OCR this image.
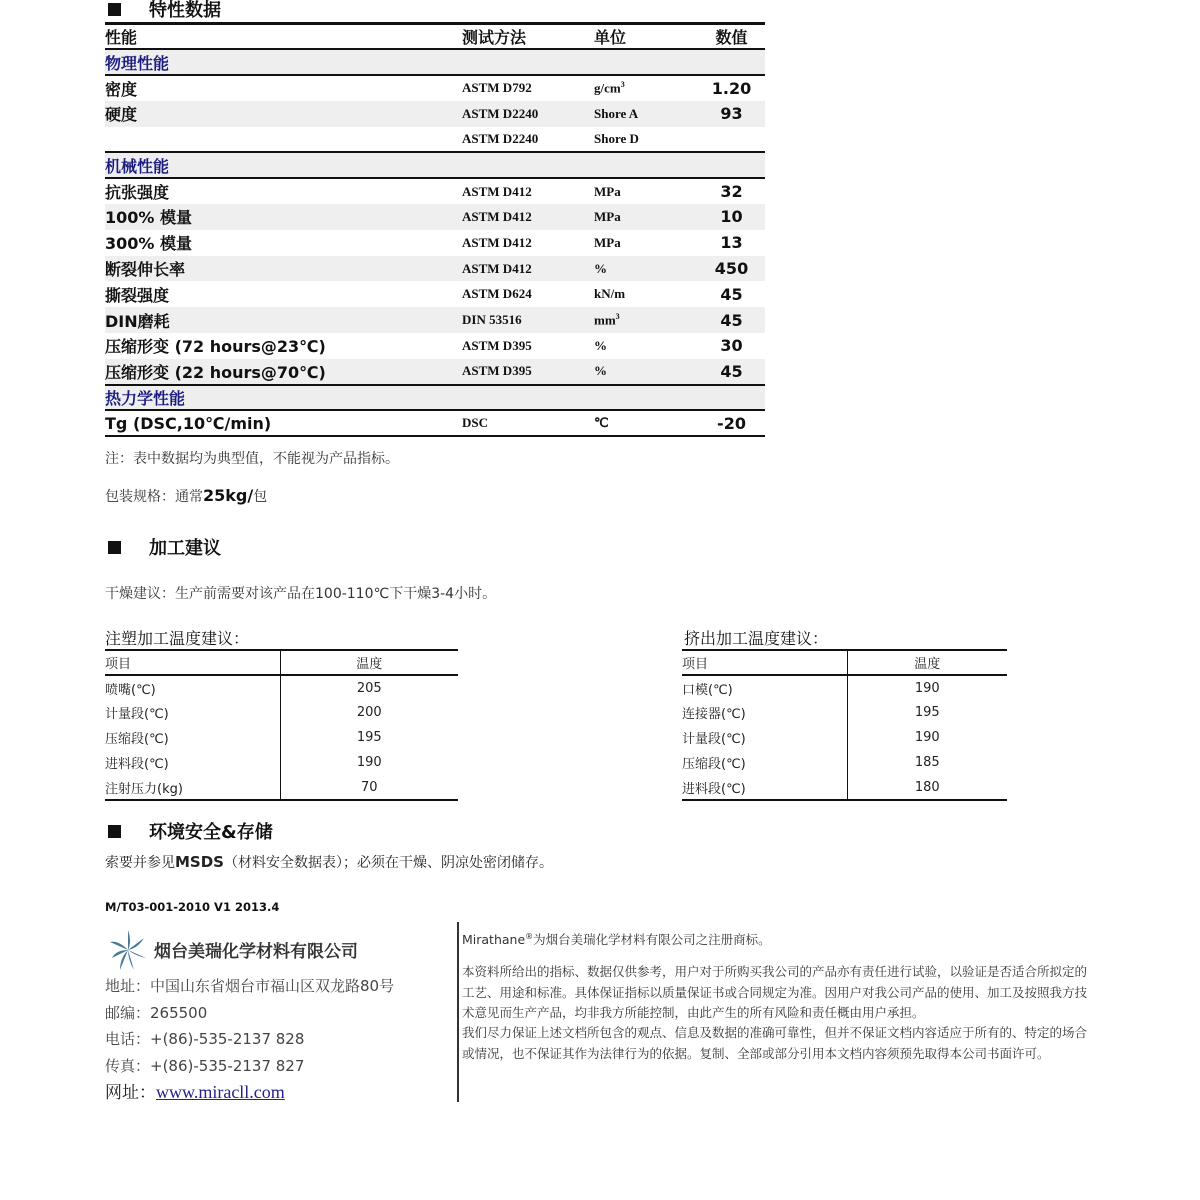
特性数据
性能	测试方法	单位	数值
物理性能			
密度	ASTM D792	$g/cm^3$	1.20
硬度	ASTM D2240	Shore A	93
	ASTM D2240	Shore D	
机械性能			
抗张强度	ASTM D412	MPa	32
100% 模量	ASTM D412	MPa	10
300% 模量	ASTM D412	MPa	13
断裂伸长率	ASTM D412	%	450
撕裂强度	ASTM D624	kN/m	45
DIN磨耗	DIN 53516	$mm^3$	45
压缩形变 (72 hours@23℃)	ASTM D395	%	30
压缩形变 (22 hours@70℃)	ASTM D395	%	45
热力学性能			
Tg (DSC,10℃/min)	DSC	℃	-20
注：表中数据均为典型值，不能视为产品指标。
包装规格：通常25kg/包
加工建议
干燥建议：生产前需要对该产品在100-110℃下干燥3-4小时。
注塑加工温度建议：
项目	温度
喷嘴(℃)	205
计量段(℃)	200
压缩段(℃)	195
进料段(℃)	190
注射压力(kg)	70
挤出加工温度建议：
项目	温度
口模(℃)	190
连接器(℃)	195
计量段(℃)	190
压缩段(℃)	185
进料段(℃)	180
环境安全&存储
索要并参见MSDS（材料安全数据表）；必须在干燥、阴凉处密闭储存。
M/T03-001-2010 V1 2013.4
烟台美瑞化学材料有限公司
地址：中国山东省烟台市福山区双龙路80号
邮编：265500
电话：+(86)-535-2137 828
传真：+(86)-535-2137 827
网址：www.miracll.com
Mirathane®为烟台美瑞化学材料有限公司之注册商标。
本资料所给出的指标、数据仅供参考，用户对于所购买我公司的产品亦有责任进行试验，以验证是否适合所拟定的工艺、用途和标准。具体保证指标以质量保证书或合同规定为准。因用户对我公司产品的使用、加工及按照我方技术意见而生产产品，均非我方所能控制，由此产生的所有风险和责任概由用户承担。
我们尽力保证上述文档所包含的观点、信息及数据的准确可靠性，但并不保证文档内容适应于所有的、特定的场合或情况，也不保证其作为法律行为的依据。复制、全部或部分引用本文档内容须预先取得本公司书面许可。
